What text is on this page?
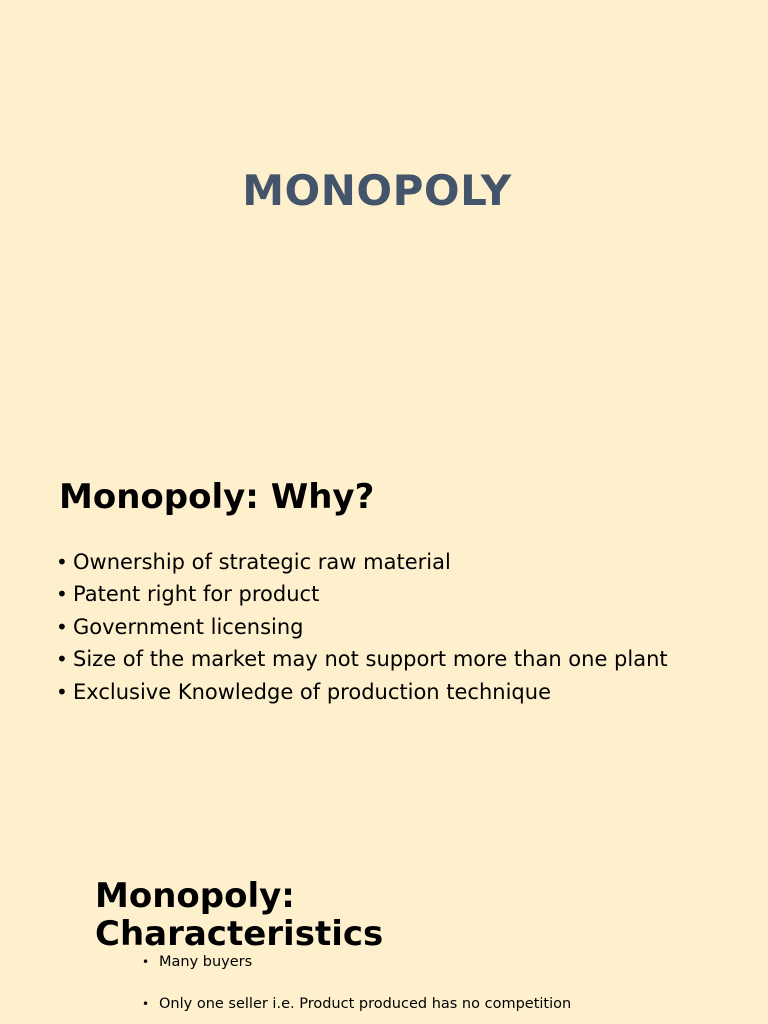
MONOPOLY
Monopoly: Why?
• Ownership of strategic raw material
• Patent right for product
• Government licensing
• Size of the market may not support more than one plant
• Exclusive Knowledge of production technique
Monopoly:
Characteristics
• Many buyers
• Only one seller i.e. Product produced has no competition
